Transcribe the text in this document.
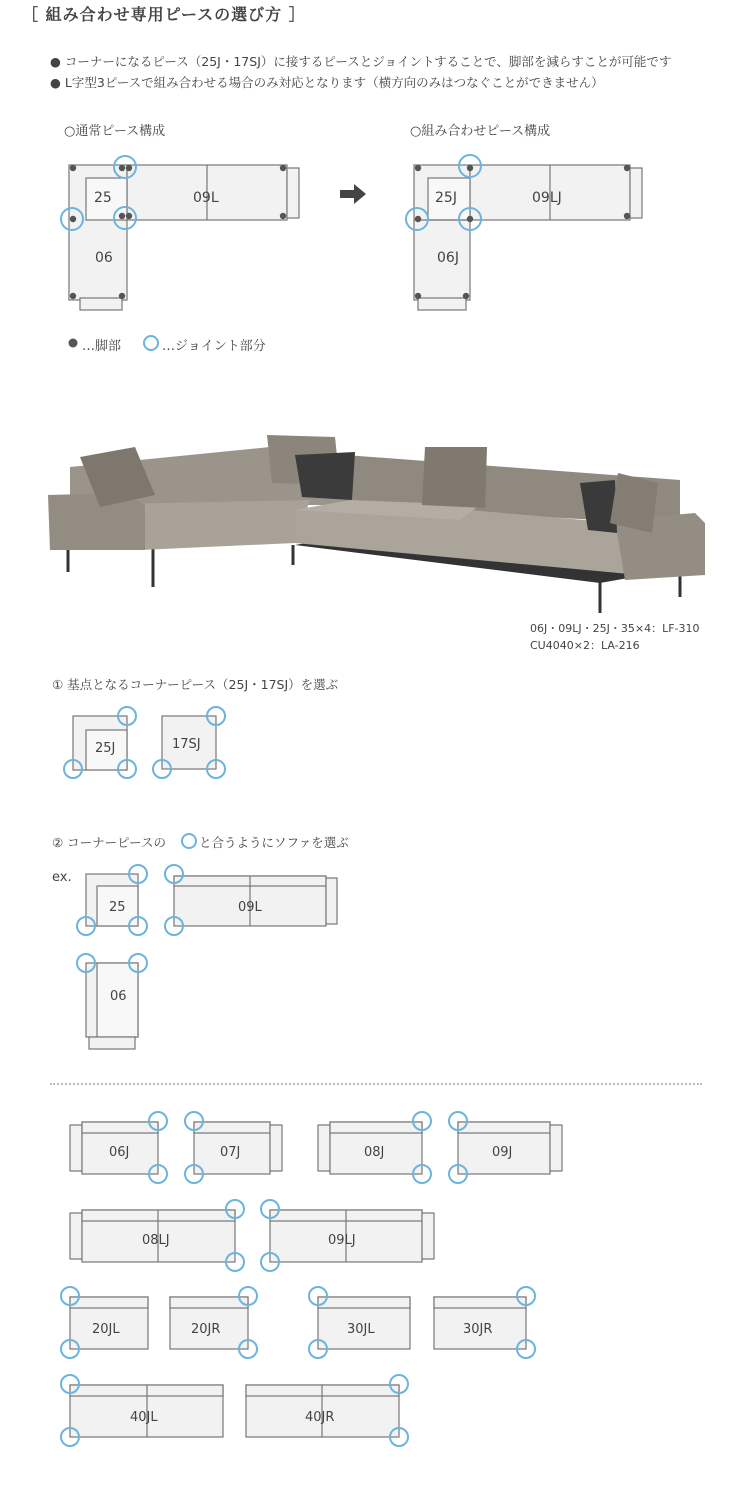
［ 組み合わせ専用ピースの選び方 ］
● コーナーになるピース（25J・17SJ）に接するピースとジョイントすることで、脚部を減らすことが可能です
● L字型3ピースで組み合わせる場合のみ対応となります（横方向のみはつなぐことができません）
○通常ピース構成	○組み合わせピース構成
25	09L
06
25J	09LJ
06J
…脚部	…ジョイント部分
06J・09LJ・25J・35×4：LF-310
CU4040×2：LA-216
① 基点となるコーナーピース（25J・17SJ）を選ぶ
25J	17SJ
② コーナーピースの	と合うようにソファを選ぶ
ex.
25	09L
06
06J	07J	08J	09J
08LJ	09LJ
20JL	20JR	30JL	30JR
40JL	40JR
